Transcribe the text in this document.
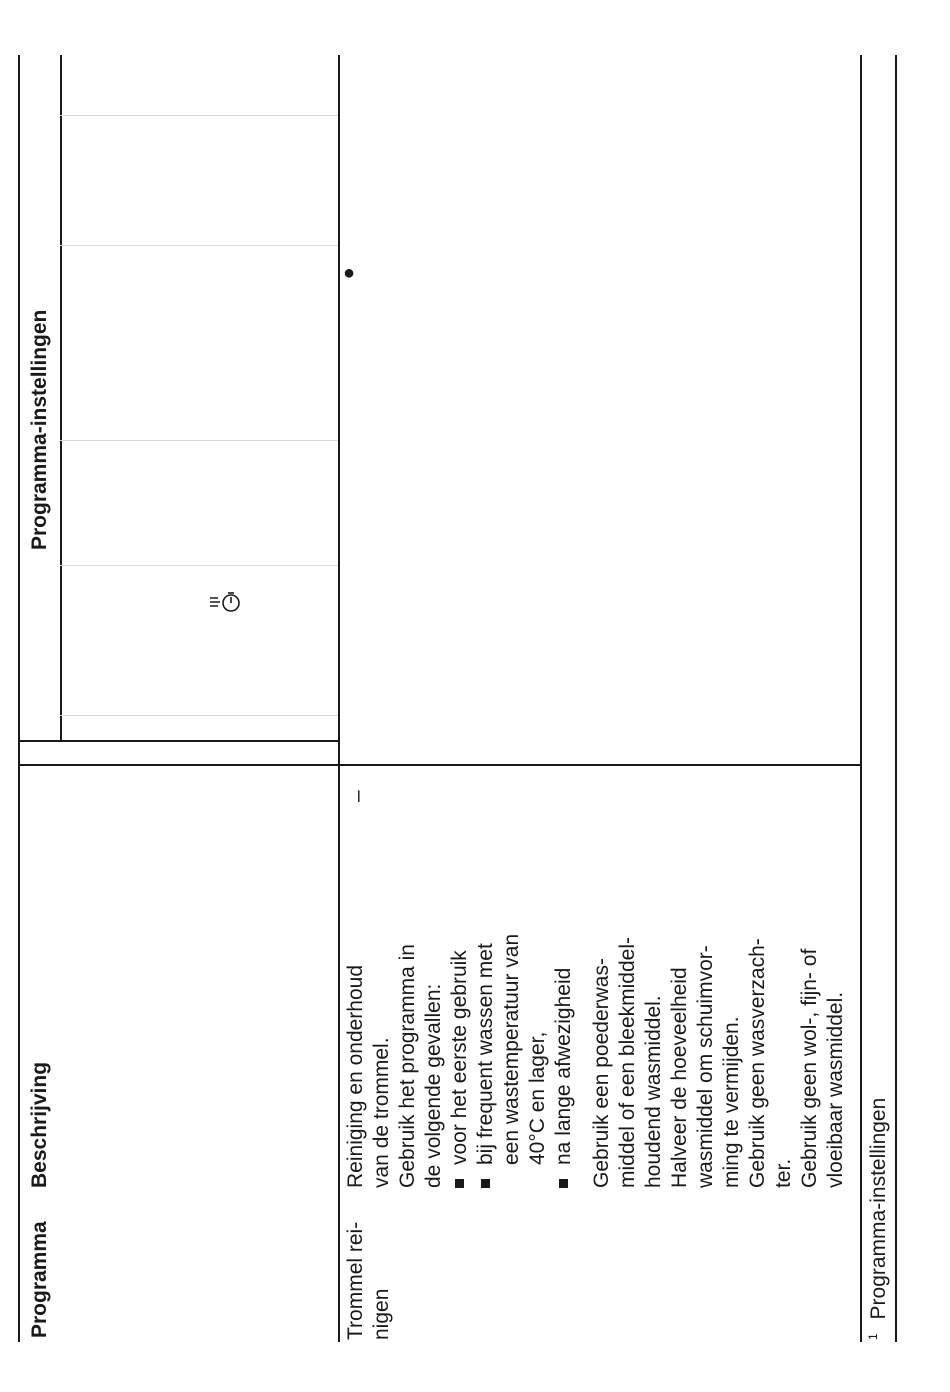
Programma
Beschrijving
Programma-instellingen
●
–
Trommel rei- nigen
Reiniging en onderhoud van de trommel. Gebruik het programma in de volgende gevallen: voor het eerste gebruik bij frequent wassen met een wastemperatuur van 40°C en lager, na lange afwezigheid Gebruik een poederwas- middel of een bleekmiddel- houdend wasmiddel. Halveer de hoeveelheid wasmiddel om schuimvor- ming te vermijden. Gebruik geen wasverzach- ter. Gebruik geen wol-, fijn- of vloeibaar wasmiddel.
$^1$ Programma-instellingen
